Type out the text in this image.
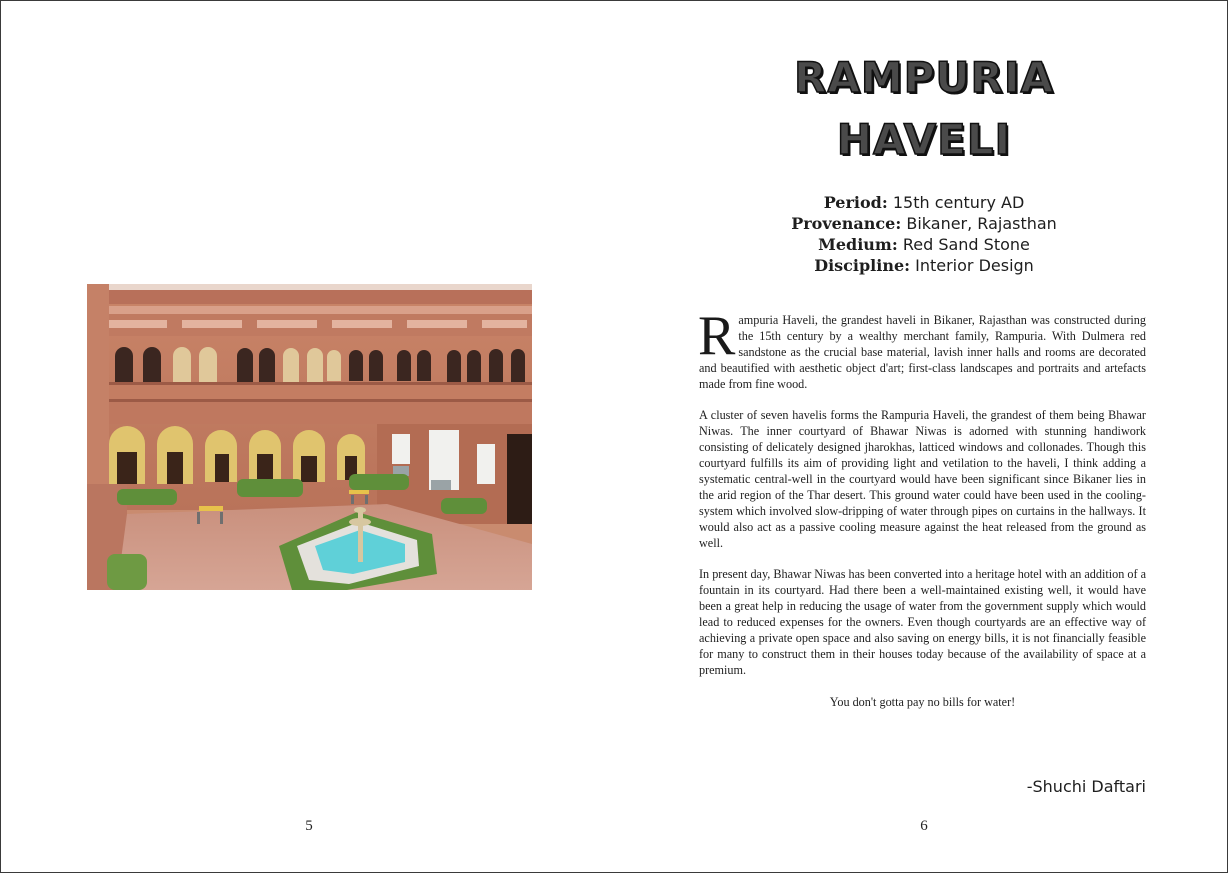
5
RAMPURIA
HAVELI
Period: 15th century AD
Provenance: Bikaner, Rajasthan
Medium: Red Sand Stone
Discipline: Interior Design

Rampuria Haveli, the grandest haveli in Bikaner, Rajasthan was constructed during the 15th century by a wealthy merchant family, Rampuria. With Dulmera red sandstone as the crucial base material, lavish inner halls and rooms are decorated and beautified with aesthetic object d'art; first-class landscapes and portraits and artefacts made from fine wood.

A cluster of seven havelis forms the Rampuria Haveli, the grandest of them being Bhawar Niwas. The inner courtyard of Bhawar Niwas is adorned with stunning handiwork consisting of delicately designed jharokhas, latticed windows and collonades. Though this courtyard fulfills its aim of providing light and vetilation to the haveli, I think adding a systematic central-well in the courtyard would have been significant since Bikaner lies in the arid region of the Thar desert. This ground water could have been used in the cooling-system which involved slow-dripping of water through pipes on curtains in the hallways. It would also act as a passive cooling measure against the heat released from the ground as well.

In present day, Bhawar Niwas has been converted into a heritage hotel with an addition of a fountain in its courtyard. Had there been a well-maintained existing well, it would have been a great help in reducing the usage of water from the government supply which would lead to reduced expenses for the owners. Even though courtyards are an effective way of achieving a private open space and also saving on energy bills, it is not financially feasible for many to construct them in their houses today because of the availability of space at a premium.

You don't gotta pay no bills for water!

-Shuchi Daftari
6
